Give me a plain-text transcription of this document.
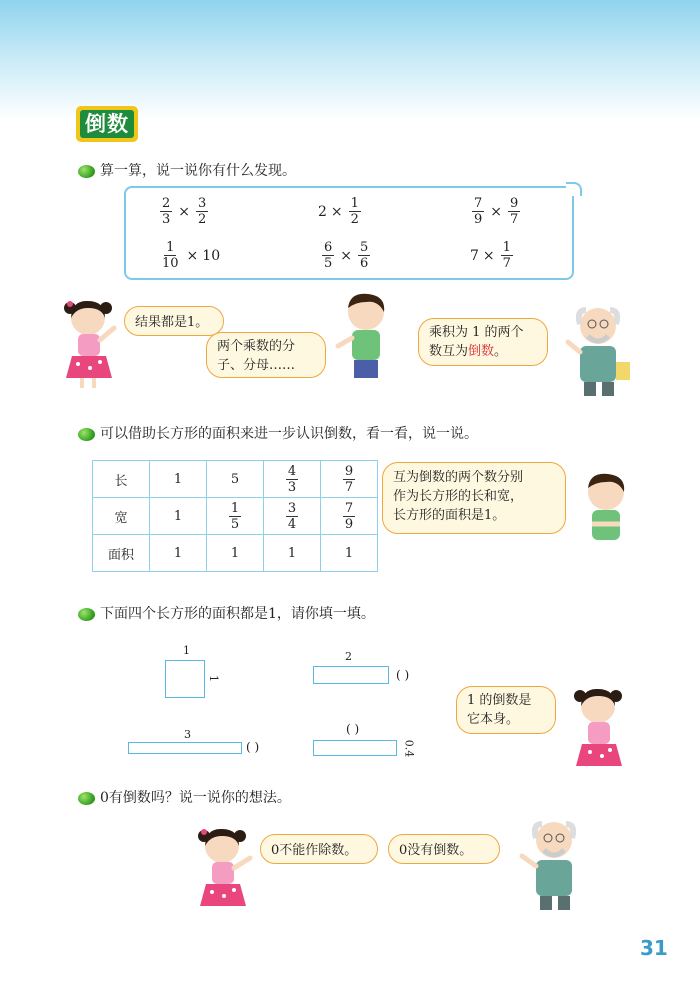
倒数
算一算，说一说你有什么发现。
$\frac{2}{3} \times \frac{3}{2}$	$2 \times \frac{1}{2}$	$\frac{7}{9} \times \frac{9}{7}$
$\frac{1}{10} \times 10$	$\frac{6}{5} \times \frac{5}{6}$	$7 \times \frac{1}{7}$
结果都是1。
两个乘数的分
子、分母……
乘积为 1 的两个
数互为倒数。
可以借助长方形的面积来进一步认识倒数，看一看，说一说。
长	1	5	$\frac{4}{3}$	$\frac{9}{7}$

宽	1	$\frac{1}{5}$	$\frac{3}{4}$	$\frac{7}{9}$

面积	1	1	1	1
互为倒数的两个数分别
作为长方形的长和宽，
长方形的面积是1。
下面四个长方形的面积都是1，请你填一填。
1
1
2
( )
3
( )
( )
0.4
1 的倒数是
它本身。
0有倒数吗？说一说你的想法。
0不能作除数。	0没有倒数。
31
